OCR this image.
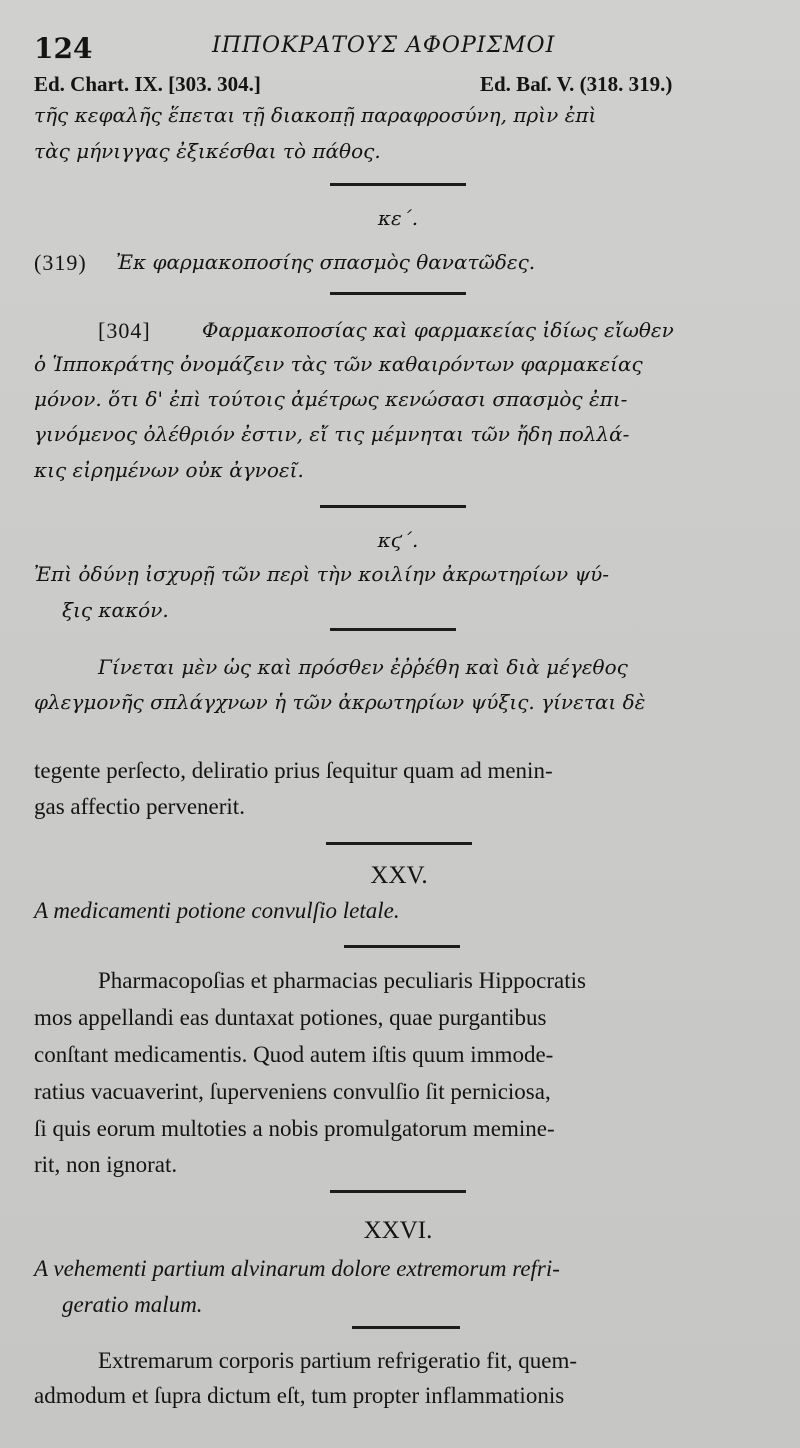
124	ΙΠΠΟΚΡΑΤΟΥΣ ΑΦΟΡΙΣΜΟΙ
Ed. Chart. IX. [303. 304.]	Ed. Baſ. V. (318. 319.)
τῆς κεφαλῆς ἕπεται τῇ διακοπῇ παραφροσύνη, πρὶν ἐπὶ
τὰς μήνιγγας ἐξικέσθαι τὸ πάθος.
κε΄.
(319) Ἐκ φαρμακοποσίης σπασμὸς θανατῶδες.
[304]	Φαρμακοποσίας καὶ φαρμακείας ἰδίως εἴωθεν
ὁ Ἱπποκράτης ὀνομάζειν τὰς τῶν καθαιρόντων φαρμακείας
μόνον. ὅτι δ' ἐπὶ τούτοις ἀμέτρως κενώσασι σπασμὸς ἐπι-
γινόμενος ὀλέθριόν ἐστιν, εἴ τις μέμνηται τῶν ἤδη πολλά-
κις εἰρημένων οὐκ ἀγνοεῖ.
κϛ΄.
Ἐπὶ ὀδύνῃ ἰσχυρῇ τῶν περὶ τὴν κοιλίην ἀκρωτηρίων ψύ-
ξις κακόν.
Γίνεται μὲν ὡς καὶ πρόσθεν ἐῤῥέθη καὶ διὰ μέγεθος
φλεγμονῆς σπλάγχνων ἡ τῶν ἀκρωτηρίων ψύξις. γίνεται δὲ
tegente perſecto, deliratio prius ſequitur quam ad menin-
gas affectio pervenerit.
XXV.
A medicamenti potione convulſio letale.
Pharmacopoſias et pharmacias peculiaris Hippocratis
mos appellandi eas duntaxat potiones, quae purgantibus
conſtant medicamentis. Quod autem iſtis quum immode-
ratius vacuaverint, ſuperveniens convulſio ſit perniciosa,
ſi quis eorum multoties a nobis promulgatorum memine-
rit, non ignorat.
XXVI.
A vehementi partium alvinarum dolore extremorum refri-
geratio malum.
Extremarum corporis partium refrigeratio fit, quem-
admodum et ſupra dictum eſt, tum propter inflammationis
